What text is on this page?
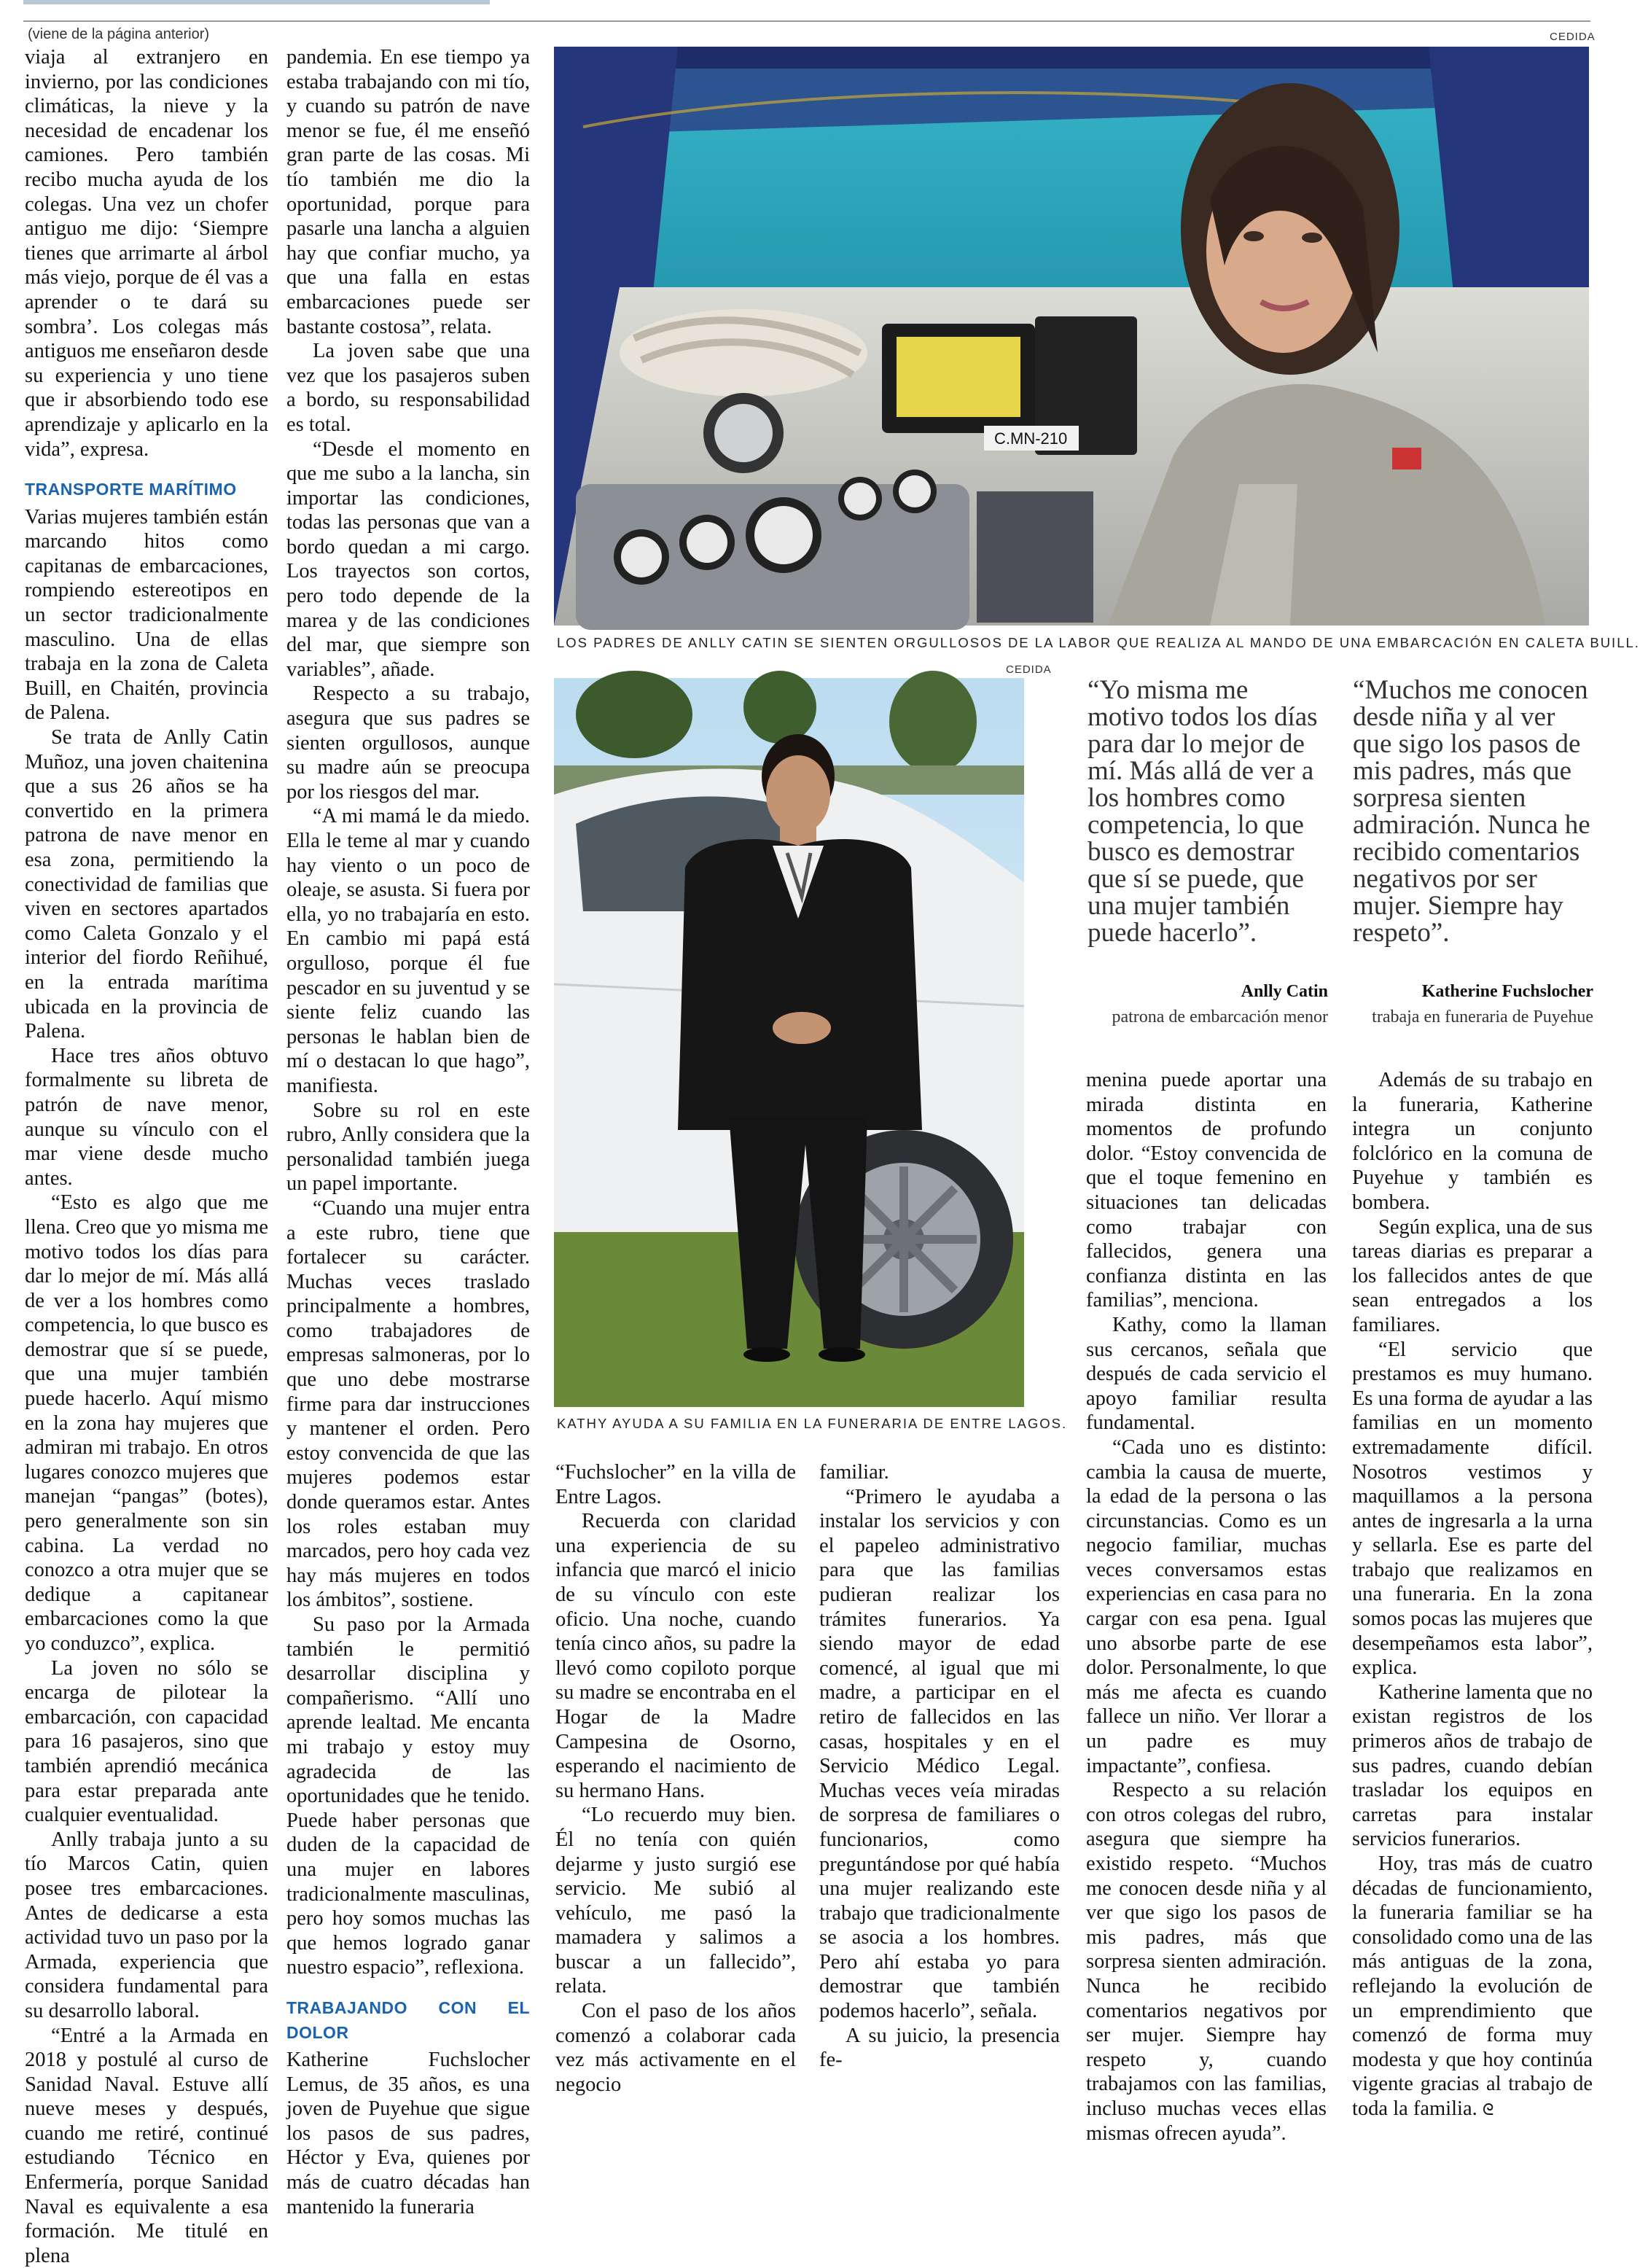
(viene de la página anterior)

viaja al extranjero en invierno, por las condiciones climáticas, la nieve y la necesidad de encadenar los camiones. Pero también recibo mucha ayuda de los colegas. Una vez un chofer antiguo me dijo: ‘Siempre tienes que arrimarte al árbol más viejo, porque de él vas a aprender o te dará su sombra’. Los colegas más antiguos me enseñaron desde su experiencia y uno tiene que ir absorbiendo todo ese aprendizaje y aplicarlo en la vida”, expresa.

TRANSPORTE MARÍTIMO

Varias mujeres también están marcando hitos como capitanas de embarcaciones, rompiendo estereotipos en un sector tradicionalmente masculino. Una de ellas trabaja en la zona de Caleta Buill, en Chaitén, provincia de Palena.

Se trata de Anlly Catin Muñoz, una joven chaitenina que a sus 26 años se ha convertido en la primera patrona de nave menor en esa zona, permitiendo la conectividad de familias que viven en sectores apartados como Caleta Gonzalo y el interior del fiordo Reñihué, en la entrada marítima ubicada en la provincia de Palena.

Hace tres años obtuvo formalmente su libreta de patrón de nave menor, aunque su vínculo con el mar viene desde mucho antes.

“Esto es algo que me llena. Creo que yo misma me motivo todos los días para dar lo mejor de mí. Más allá de ver a los hombres como competencia, lo que busco es demostrar que sí se puede, que una mujer también puede hacerlo. Aquí mismo en la zona hay mujeres que admiran mi trabajo. En otros lugares conozco mujeres que manejan “pangas” (botes), pero generalmente son sin cabina. La verdad no conozco a otra mujer que se dedique a capitanear embarcaciones como la que yo conduzco”, explica.

La joven no sólo se encarga de pilotear la embarcación, con capacidad para 16 pasajeros, sino que también aprendió mecánica para estar preparada ante cualquier eventualidad.

Anlly trabaja junto a su tío Marcos Catin, quien posee tres embarcaciones. Antes de dedicarse a esta actividad tuvo un paso por la Armada, experiencia que considera fundamental para su desarrollo laboral.

“Entré a la Armada en 2018 y postulé al curso de Sanidad Naval. Estuve allí nueve meses y después, cuando me retiré, continué estudiando Técnico en Enfermería, porque Sanidad Naval es equivalente a esa formación. Me titulé en plena

pandemia. En ese tiempo ya estaba trabajando con mi tío, y cuando su patrón de nave menor se fue, él me enseñó gran parte de las cosas. Mi tío también me dio la oportunidad, porque para pasarle una lancha a alguien hay que confiar mucho, ya que una falla en estas embarcaciones puede ser bastante costosa”, relata.

La joven sabe que una vez que los pasajeros suben a bordo, su responsabilidad es total.

“Desde el momento en que me subo a la lancha, sin importar las condiciones, todas las personas que van a bordo quedan a mi cargo. Los trayectos son cortos, pero todo depende de la marea y de las condiciones del mar, que siempre son variables”, añade.

Respecto a su trabajo, asegura que sus padres se sienten orgullosos, aunque su madre aún se preocupa por los riesgos del mar.

“A mi mamá le da miedo. Ella le teme al mar y cuando hay viento o un poco de oleaje, se asusta. Si fuera por ella, yo no trabajaría en esto. En cambio mi papá está orgulloso, porque él fue pescador en su juventud y se siente feliz cuando las personas le hablan bien de mí o destacan lo que hago”, manifiesta.

Sobre su rol en este rubro, Anlly considera que la personalidad también juega un papel importante.

“Cuando una mujer entra a este rubro, tiene que fortalecer su carácter. Muchas veces traslado principalmente a hombres, como trabajadores de empresas salmoneras, por lo que uno debe mostrarse firme para dar instrucciones y mantener el orden. Pero estoy convencida de que las mujeres podemos estar donde queramos estar. Antes los roles estaban muy marcados, pero hoy cada vez hay más mujeres en todos los ámbitos”, sostiene.

Su paso por la Armada también le permitió desarrollar disciplina y compañerismo. “Allí uno aprende lealtad. Me encanta mi trabajo y estoy muy agradecida de las oportunidades que he tenido. Puede haber personas que duden de la capacidad de una mujer en labores tradicionalmente masculinas, pero hoy somos muchas las que hemos logrado ganar nuestro espacio”, reflexiona.

TRABAJANDO CON EL DOLOR

Katherine Fuchslocher Lemus, de 35 años, es una joven de Puyehue que sigue los pasos de sus padres, Héctor y Eva, quienes por más de cuatro décadas han mantenido la funeraria

CEDIDA
C.MN-210
LOS PADRES DE ANLLY CATIN SE SIENTEN ORGULLOSOS DE LA LABOR QUE REALIZA AL MANDO DE UNA EMBARCACIÓN EN CALETA BUILL.
CEDIDA
KATHY AYUDA A SU FAMILIA EN LA FUNERARIA DE ENTRE LAGOS.
“Yo misma me motivo todos los días para dar lo mejor de mí. Más allá de ver a los hombres como competencia, lo que busco es demostrar que sí se puede, que una mujer también puede hacerlo”.
Anlly Catin
patrona de embarcación menor
“Muchos me conocen desde niña y al ver que sigo los pasos de mis padres, más que sorpresa sienten admiración. Nunca he recibido comentarios negativos por ser mujer. Siempre hay respeto”.
Katherine Fuchslocher
trabaja en funeraria de Puyehue

menina puede aportar una mirada distinta en momentos de profundo dolor. “Estoy convencida de que el toque femenino en situaciones tan delicadas como trabajar con fallecidos, genera una confianza distinta en las familias”, menciona.

Kathy, como la llaman sus cercanos, señala que después de cada servicio el apoyo familiar resulta fundamental.

“Cada uno es distinto: cambia la causa de muerte, la edad de la persona o las circunstancias. Como es un negocio familiar, muchas veces conversamos estas experiencias en casa para no cargar con esa pena. Igual uno absorbe parte de ese dolor. Personalmente, lo que más me afecta es cuando fallece un niño. Ver llorar a un padre es muy impactante”, confiesa.

Respecto a su relación con otros colegas del rubro, asegura que siempre ha existido respeto. “Muchos me conocen desde niña y al ver que sigo los pasos de mis padres, más que sorpresa sienten admiración. Nunca he recibido comentarios negativos por ser mujer. Siempre hay respeto y, cuando trabajamos con las familias, incluso muchas veces ellas mismas ofrecen ayuda”.

Además de su trabajo en la funeraria, Katherine integra un conjunto folclórico en la comuna de Puyehue y también es bombera.

Según explica, una de sus tareas diarias es preparar a los fallecidos antes de que sean entregados a los familiares.

“El servicio que prestamos es muy humano. Es una forma de ayudar a las familias en un momento extremadamente difícil. Nosotros vestimos y maquillamos a la persona antes de ingresarla a la urna y sellarla. Ese es parte del trabajo que realizamos en una funeraria. En la zona somos pocas las mujeres que desempeñamos esta labor”, explica.

Katherine lamenta que no existan registros de los primeros años de trabajo de sus padres, cuando debían trasladar los equipos en carretas para instalar servicios funerarios.

Hoy, tras más de cuatro décadas de funcionamiento, la funeraria familiar se ha consolidado como una de las más antiguas de la zona, reflejando la evolución de un emprendimiento que comenzó de forma muy modesta y que hoy continúa vigente gracias al trabajo de toda la familia. ᘓ

“Fuchslocher” en la villa de Entre Lagos.

Recuerda con claridad una experiencia de su infancia que marcó el inicio de su vínculo con este oficio. Una noche, cuando tenía cinco años, su padre la llevó como copiloto porque su madre se encontraba en el Hogar de la Madre Campesina de Osorno, esperando el nacimiento de su hermano Hans.

“Lo recuerdo muy bien. Él no tenía con quién dejarme y justo surgió ese servicio. Me subió al vehículo, me pasó la mamadera y salimos a buscar a un fallecido”, relata.

Con el paso de los años comenzó a colaborar cada vez más activamente en el negocio

familiar.

“Primero le ayudaba a instalar los servicios y con el papeleo administrativo para que las familias pudieran realizar los trámites funerarios. Ya siendo mayor de edad comencé, al igual que mi madre, a participar en el retiro de fallecidos en las casas, hospitales y en el Servicio Médico Legal. Muchas veces veía miradas de sorpresa de familiares o funcionarios, como preguntándose por qué había una mujer realizando este trabajo que tradicionalmente se asocia a los hombres. Pero ahí estaba yo para demostrar que también podemos hacerlo”, señala.

A su juicio, la presencia fe-
